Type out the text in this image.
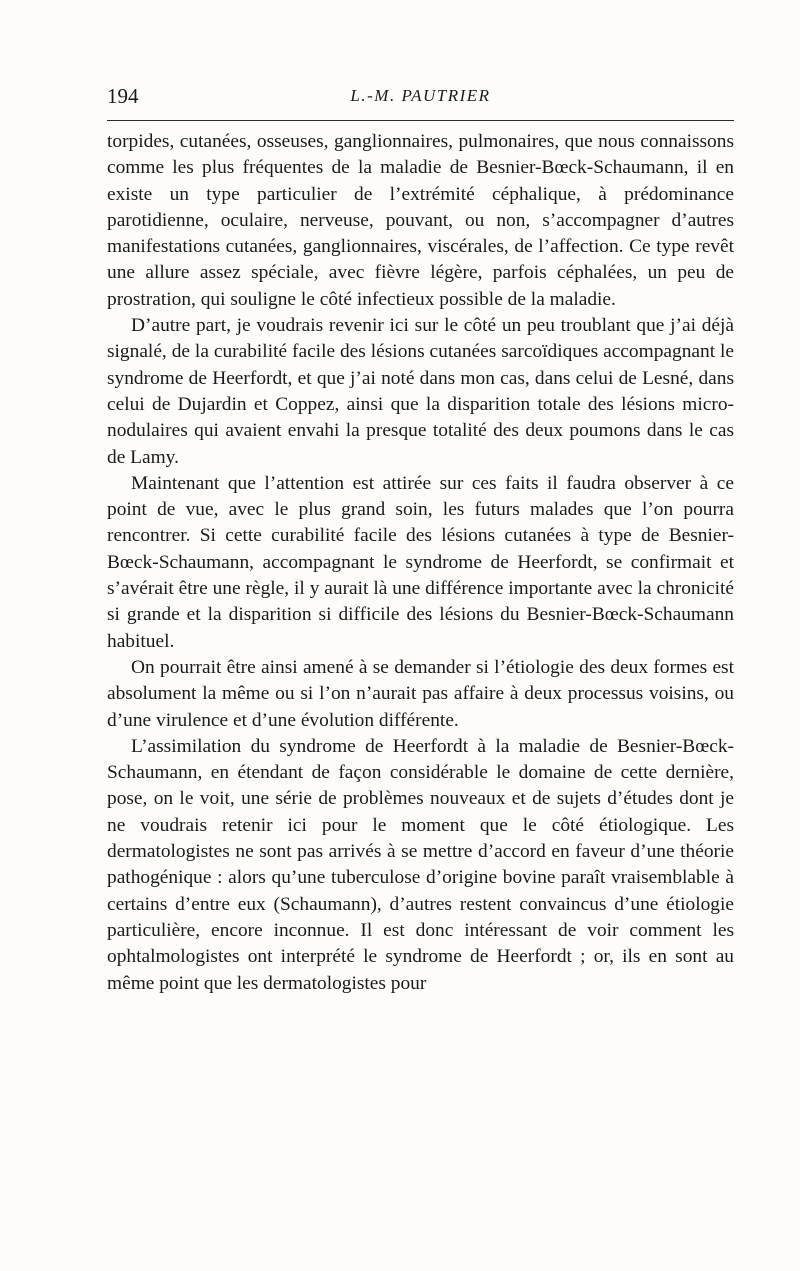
194	L.-M. PAUTRIER

torpides, cutanées, osseuses, ganglionnaires, pulmonaires, que nous connaissons comme les plus fréquentes de la maladie de Besnier-Bœck-Schaumann, il en existe un type particulier de l’extrémité céphalique, à prédominance parotidienne, oculaire, nerveuse, pouvant, ou non, s’accompagner d’autres manifestations cutanées, ganglionnaires, viscérales, de l’affection. Ce type revêt une allure assez spéciale, avec fièvre légère, parfois céphalées, un peu de prostration, qui souligne le côté infectieux possible de la maladie.

D’autre part, je voudrais revenir ici sur le côté un peu troublant que j’ai déjà signalé, de la curabilité facile des lésions cutanées sarcoïdiques accompagnant le syndrome de Heerfordt, et que j’ai noté dans mon cas, dans celui de Lesné, dans celui de Dujardin et Coppez, ainsi que la disparition totale des lésions micro-nodulaires qui avaient envahi la presque totalité des deux poumons dans le cas de Lamy.

Maintenant que l’attention est attirée sur ces faits il faudra observer à ce point de vue, avec le plus grand soin, les futurs malades que l’on pourra rencontrer. Si cette curabilité facile des lésions cutanées à type de Besnier-Bœck-Schaumann, accompagnant le syndrome de Heerfordt, se confirmait et s’avérait être une règle, il y aurait là une différence importante avec la chronicité si grande et la disparition si difficile des lésions du Besnier-Bœck-Schaumann habituel.

On pourrait être ainsi amené à se demander si l’étiologie des deux formes est absolument la même ou si l’on n’aurait pas affaire à deux processus voisins, ou d’une virulence et d’une évolution différente.

L’assimilation du syndrome de Heerfordt à la maladie de Besnier-Bœck-Schaumann, en étendant de façon considérable le domaine de cette dernière, pose, on le voit, une série de problèmes nouveaux et de sujets d’études dont je ne voudrais retenir ici pour le moment que le côté étiologique. Les dermatologistes ne sont pas arrivés à se mettre d’accord en faveur d’une théorie pathogénique : alors qu’une tuberculose d’origine bovine paraît vraisemblable à certains d’entre eux (Schaumann), d’autres restent convaincus d’une étiologie particulière, encore inconnue. Il est donc intéressant de voir comment les ophtalmologistes ont interprété le syndrome de Heerfordt ; or, ils en sont au même point que les dermatologistes pour
